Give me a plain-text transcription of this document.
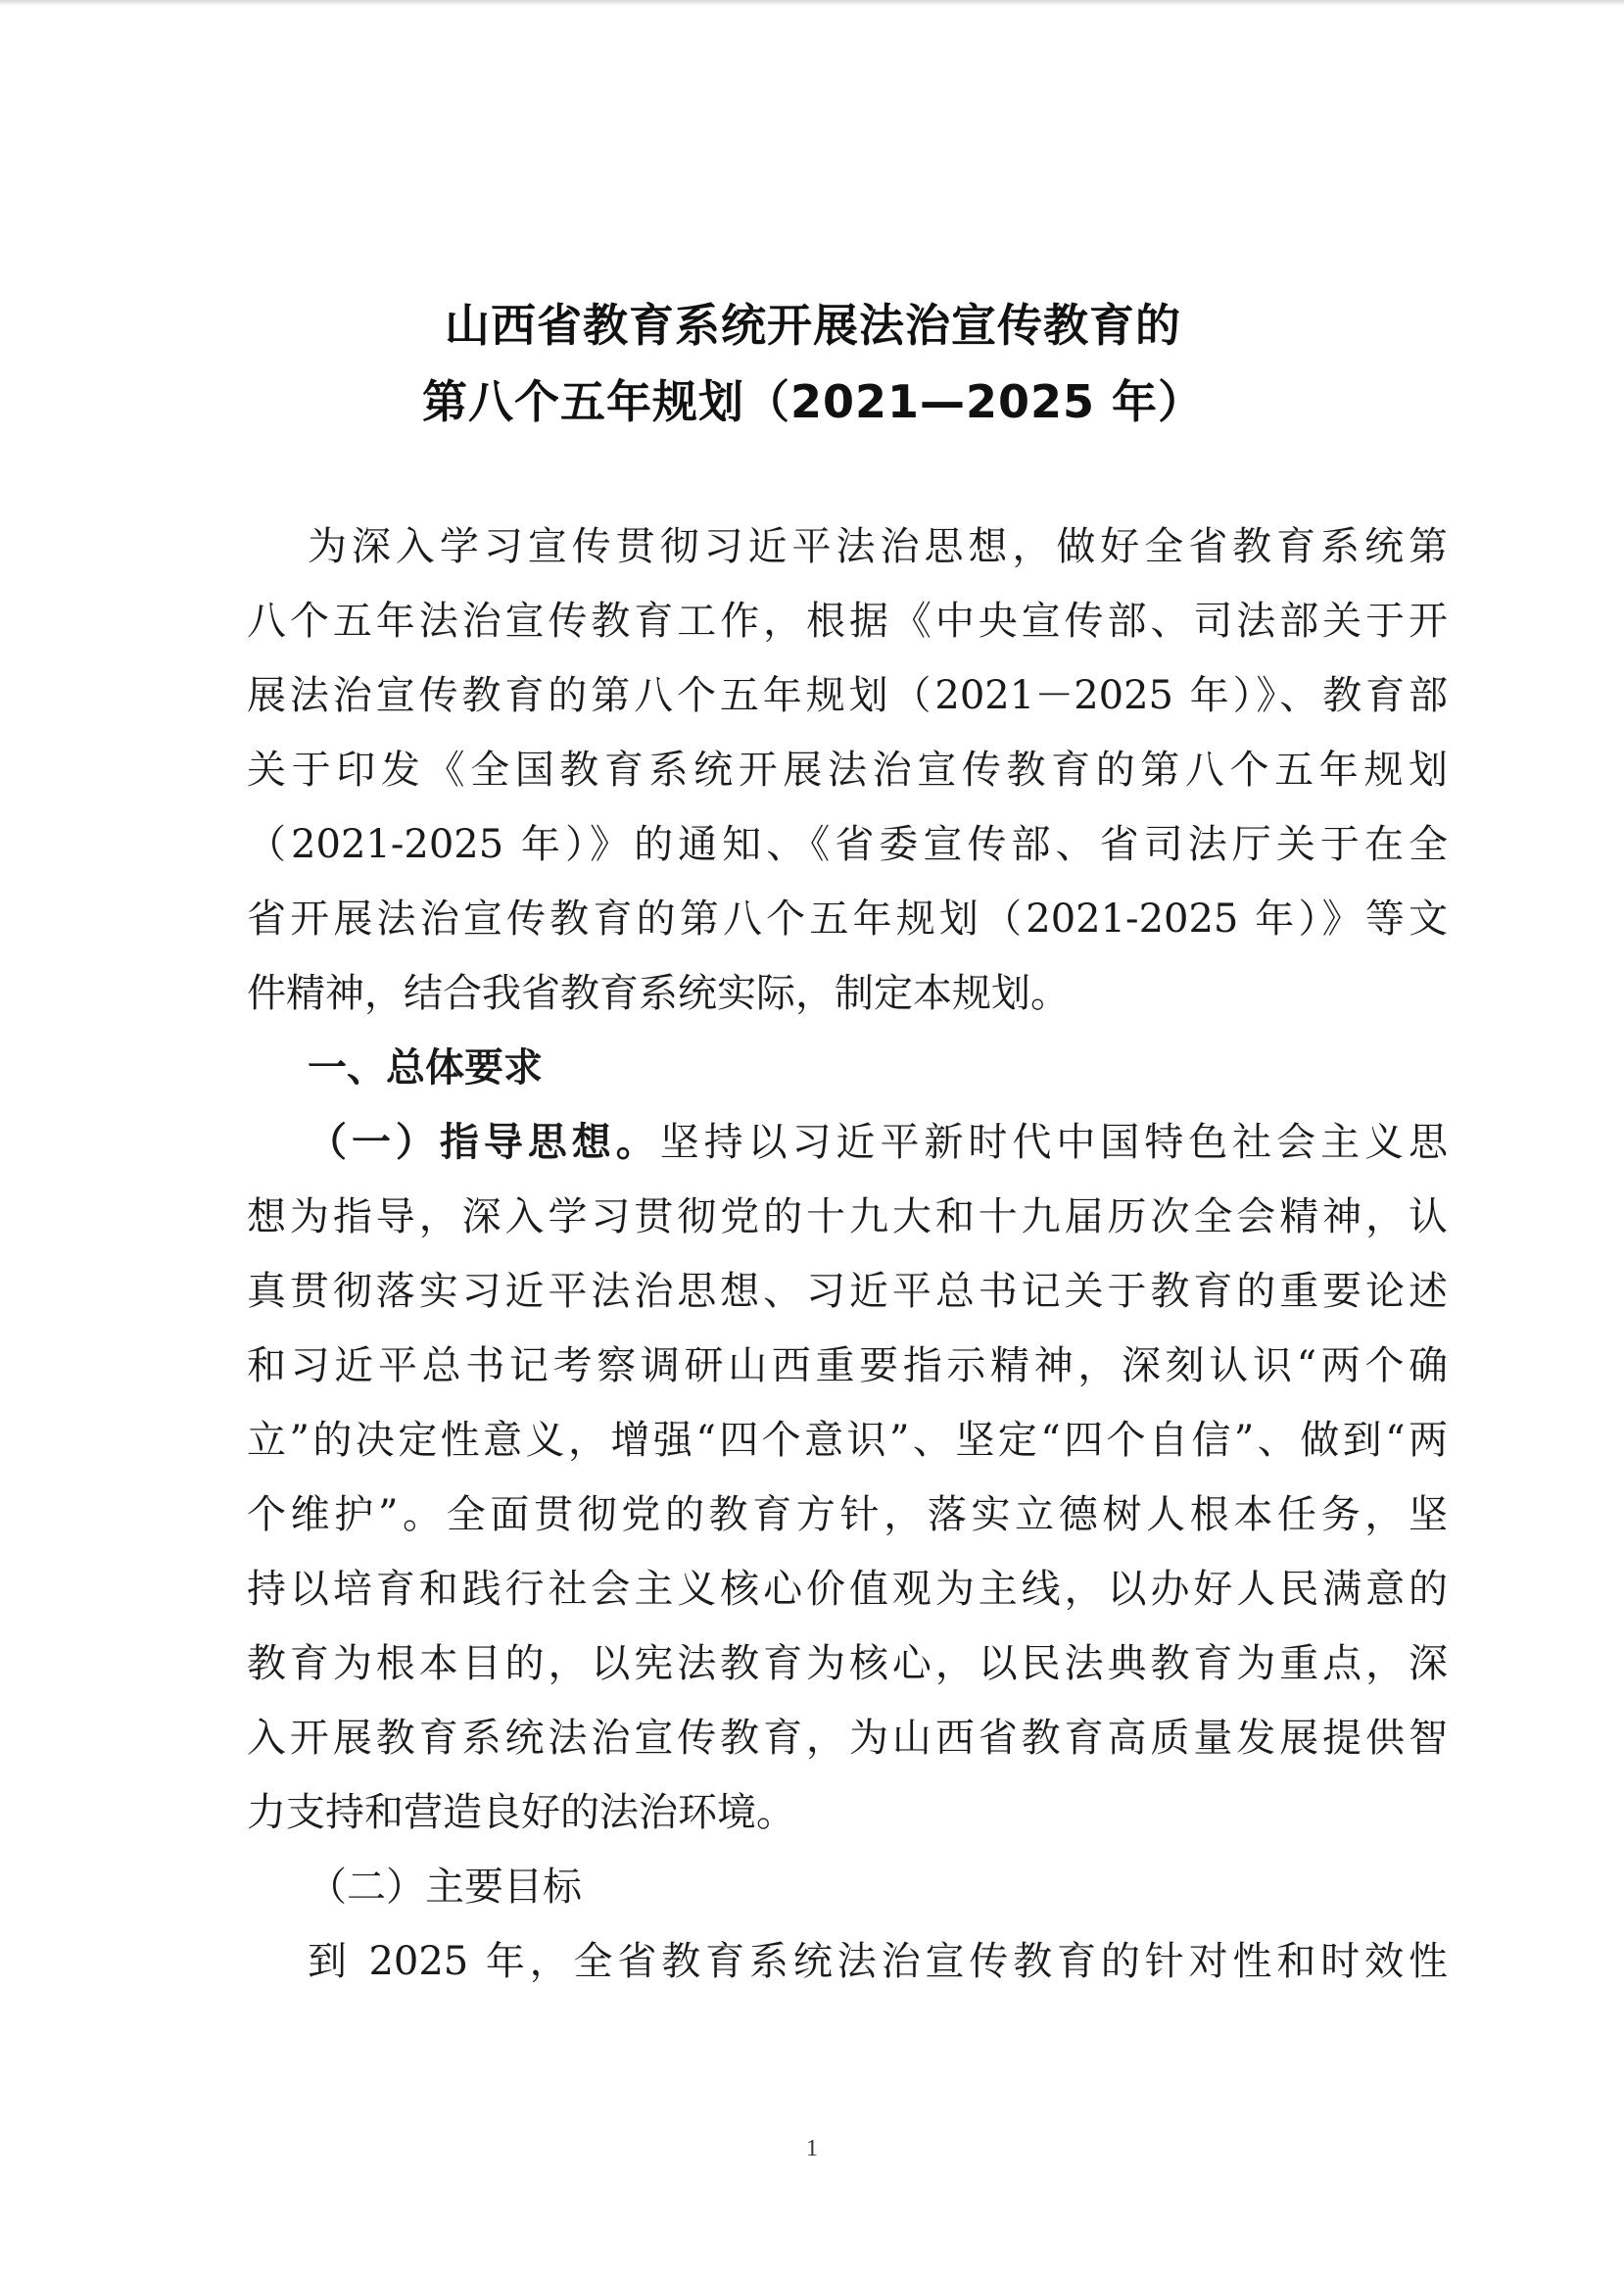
山西省教育系统开展法治宣传教育的
第八个五年规划（2021—2025 年）
为深入学习宣传贯彻习近平法治思想，做好全省教育系统第
八个五年法治宣传教育工作，根据《中央宣传部、司法部关于开
展法治宣传教育的第八个五年规划（2021－2025 年）》、教育部
关于印发《全国教育系统开展法治宣传教育的第八个五年规划
（2021-2025 年）》的通知、《省委宣传部、省司法厅关于在全
省开展法治宣传教育的第八个五年规划（2021-2025 年）》等文
件精神，结合我省教育系统实际，制定本规划。
一、总体要求
（一）指导思想。坚持以习近平新时代中国特色社会主义思
想为指导，深入学习贯彻党的十九大和十九届历次全会精神，认
真贯彻落实习近平法治思想、习近平总书记关于教育的重要论述
和习近平总书记考察调研山西重要指示精神，深刻认识“两个确
立”的决定性意义，增强“四个意识”、坚定“四个自信”、做到“两
个维护”。全面贯彻党的教育方针，落实立德树人根本任务，坚
持以培育和践行社会主义核心价值观为主线，以办好人民满意的
教育为根本目的，以宪法教育为核心，以民法典教育为重点，深
入开展教育系统法治宣传教育，为山西省教育高质量发展提供智
力支持和营造良好的法治环境。
（二）主要目标
到 2025 年，全省教育系统法治宣传教育的针对性和时效性
1
